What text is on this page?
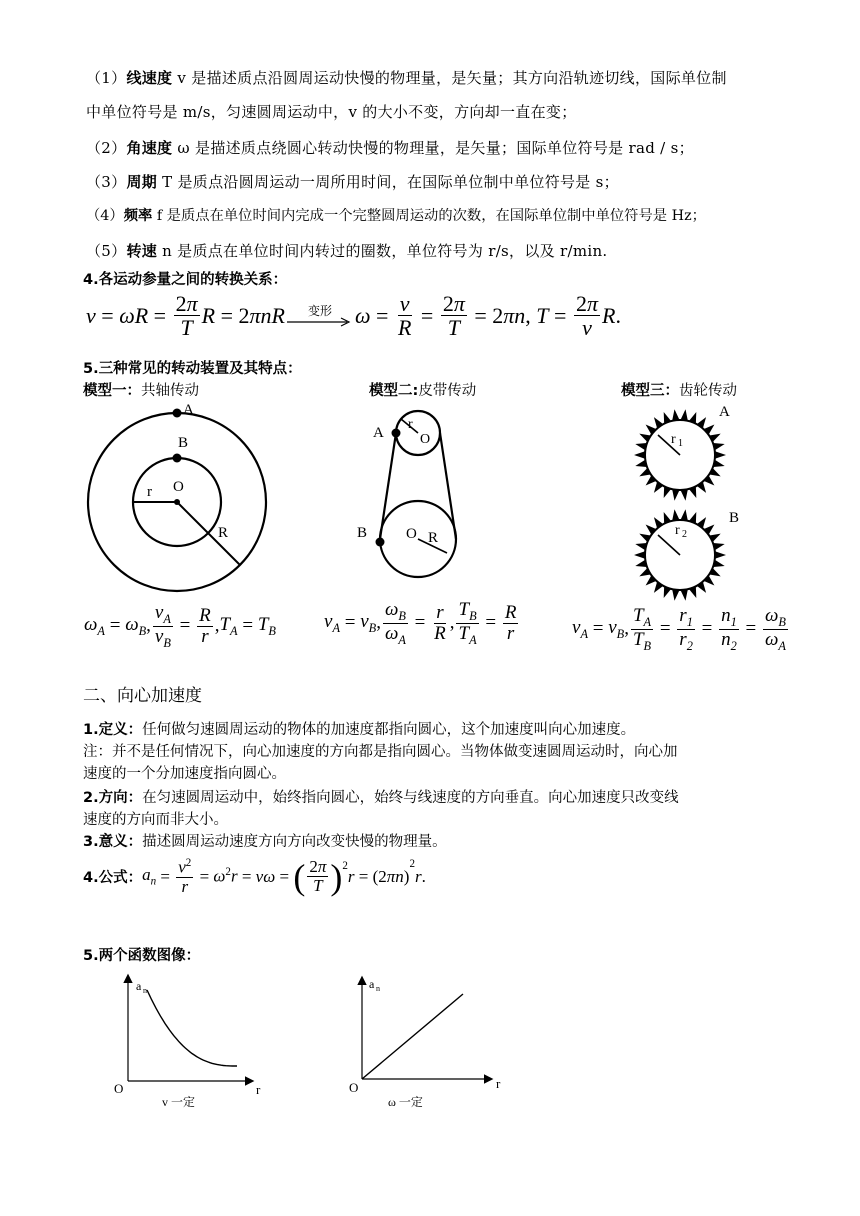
（1）线速度 v 是描述质点沿圆周运动快慢的物理量，是矢量；其方向沿轨迹切线，国际单位制
中单位符号是 m/s，匀速圆周运动中，v 的大小不变，方向却一直在变；
（2）角速度 ω 是描述质点绕圆心转动快慢的物理量，是矢量；国际单位符号是 rad / s；
（3）周期 T 是质点沿圆周运动一周所用时间，在国际单位制中单位符号是 s；
（4）频率 f 是质点在单位时间内完成一个完整圆周运动的次数，在国际单位制中单位符号是 Hz；
（5）转速 n 是质点在单位时间内转过的圈数，单位符号为 r/s，以及 r/min.
4.各运动参量之间的转换关系：
$v = \omega R = \frac{2\pi}{T}$ R = 2 πnR 变形 $\omega = \frac{v}{R} = \frac{2\pi}{T} = 2$ πn , $T = \frac{2\pi}{v}$ R .
5.三种常见的转动装置及其特点：
模型一：共轴传动	模型二:皮带传动	模型三：齿轮传动
A
B
O
r
R
A
r
O
B	O R
r 1
A
r 2
B
$\omega_A = \omega_B$ , $\frac{v_A}{v_B} = \frac{R}{r}$ , $T_A = T_B$	$v_A = v_B$ , $\frac{\omega_B}{\omega_A} = \frac{r}{R}$ , $\frac{T_B}{T_A} = \frac{R}{r}$	$v_A = v_B$ , $\frac{T_A}{T_B} = \frac{r_1}{r_2} = \frac{n_1}{n_2} = \frac{\omega_B}{\omega_A}$
二、向心加速度
1.定义：任何做匀速圆周运动的物体的加速度都指向圆心，这个加速度叫向心加速度。
注：并不是任何情况下，向心加速度的方向都是指向圆心。当物体做变速圆周运动时，向心加
速度的一个分加速度指向圆心。
2.方向：在匀速圆周运动中，始终指向圆心，始终与线速度的方向垂直。向心加速度只改变线
速度的方向而非大小。
3.意义：描述圆周运动速度方向方向改变快慢的物理量。
4.公式： $a_n = \frac{v^2}{r} = \omega^2r = v\omega$ = ( $\frac{2\pi}{T} )^2$
r = (2 πn )
$^2$
r .
5.两个函数图像：
a n
O	r
v 一定
a n
O	r
ω 一定
